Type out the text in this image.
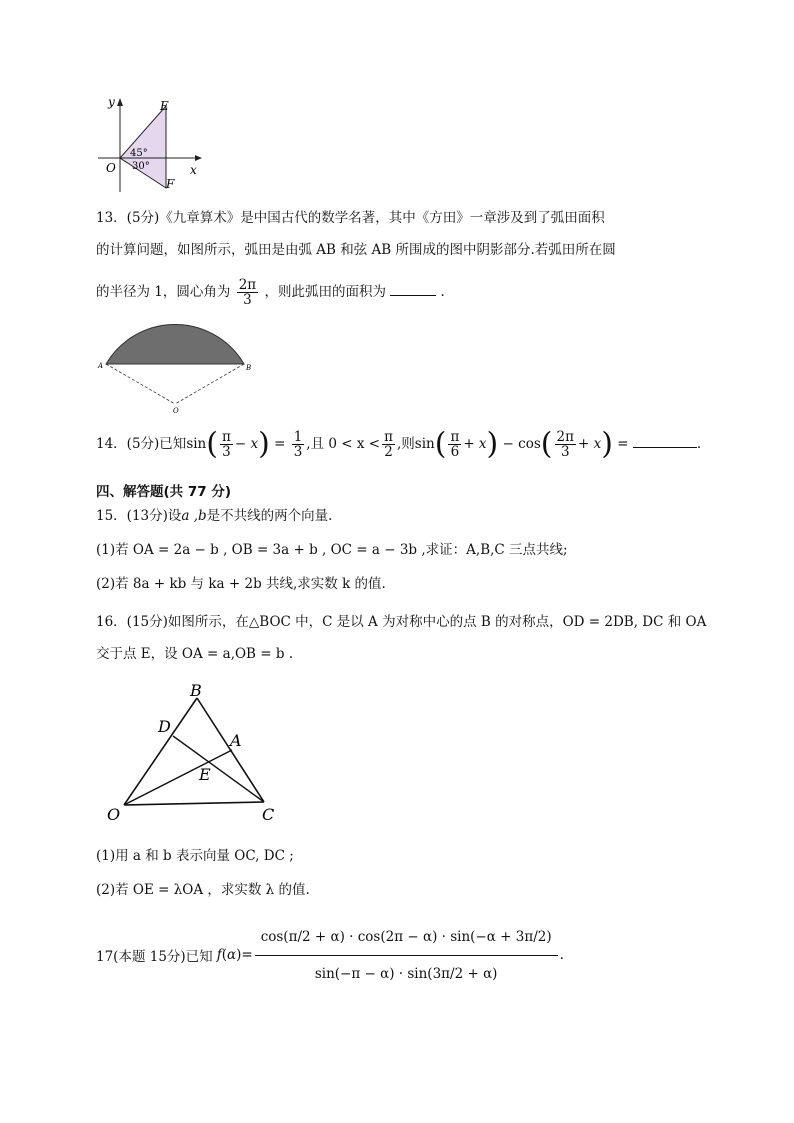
y
x
O
E
F
45°
30°
13．(5分)《九章算术》是中国古代的数学名著，其中《方田》一章涉及到了弧田面积
的计算问题，如图所示，弧田是由弧 AB 和弦 AB 所围成的图中阴影部分.若弧田所在圆
的半径为 1，圆心角为 $\frac{2\pi}{3}$ ，则此弧田的面积为	.
A	B
O
14．(5分)已知$\sin( \frac{\pi}{3} - x) = \frac{1}{3}$ ,且 $0 < x < \frac{\pi}{2}$ ,则$\sin( \frac{\pi}{6} + x) - \cos( \frac{2\pi}{3} + x)$ =	.
四、解答题(共 77 分)
15．(13分)设a ,b是不共线的两个向量.
(1)若 OA = 2a − b , OB = 3a + b , OC = a − 3b ,求证：A,B,C 三点共线;
(2)若 8a + kb 与 ka + 2b 共线,求实数 k 的值.
16．(15分)如图所示，在△BOC 中，C 是以 A 为对称中心的点 B 的对称点，OD = 2DB, DC 和 OA
交于点 E，设 OA = a,OB = b .
B
D
A
E
O	C
(1)用 a 和 b 表示向量 OC, DC ;
(2)若 OE = λOA ，求实数 λ 的值.
17(本题 15分)已知 f ( α ) = $\frac{\cos(\pi/2 + \alpha) \cdot \cos(2\pi - \alpha) \cdot \sin(-\alpha + 3\pi/2)}{\sin(-\pi - \alpha) \cdot \sin(3\pi/2 + \alpha)}$ .
